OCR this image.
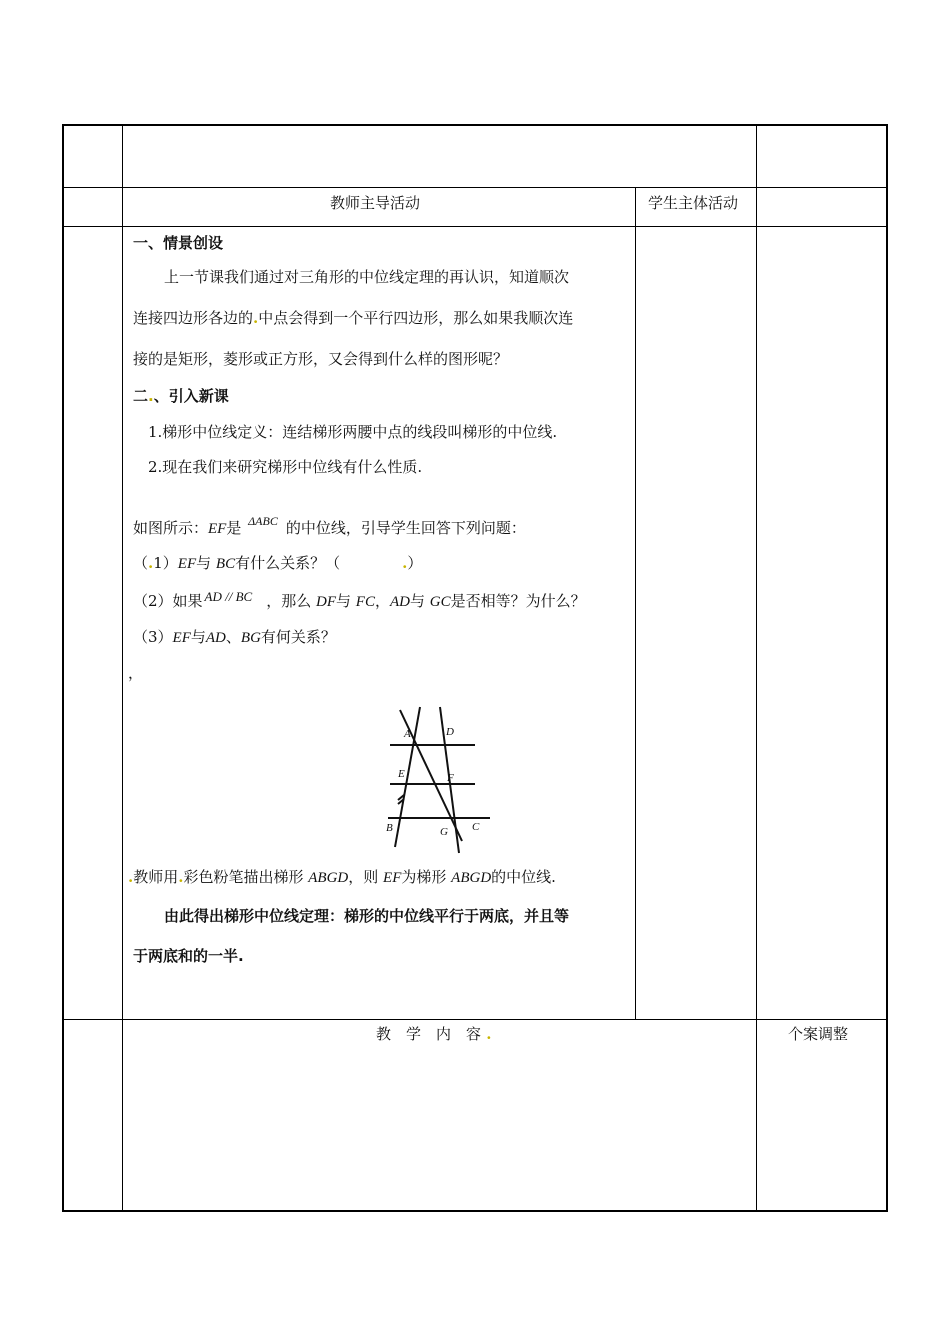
教师主导活动	学生主体活动
一、情景创设
上一节课我们通过对三角形的中位线定理的再认识，知道顺次
连接四边形各边的.中点会得到一个平行四边形，那么如果我顺次连
接的是矩形，菱形或正方形，又会得到什么样的图形呢？
二.、引入新课
1.梯形中位线定义：连结梯形两腰中点的线段叫梯形的中位线.
2.现在我们来研究梯形中位线有什么性质.
如图所示：EF是 $^{\Delta ABC}$ 的中位线，引导学生回答下列问题：
（.1）EF与 BC有什么关系？（	.）
（2）如果 AD // BC ，那么 DF与 FC，AD与 GC是否相等？为什么？
（3）EF与AD、BG有何关系？
，
A	D
E	F
B	G C
.教师用.彩色粉笔描出梯形 ABGD，则 EF为梯形 ABGD的中位线.
由此得出梯形中位线定理：梯形的中位线平行于两底，并且等
于两底和的一半.
教　学　内　容 .	个案调整
